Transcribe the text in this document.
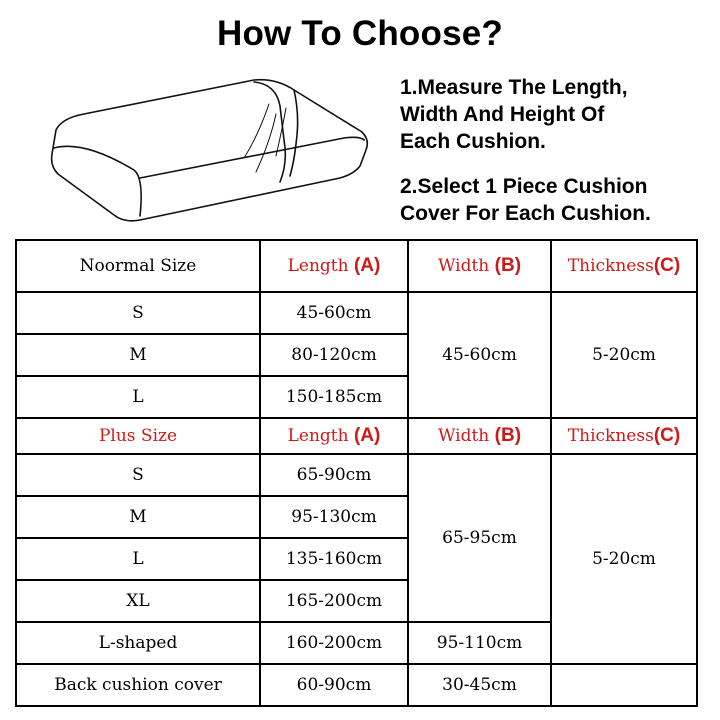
How To Choose?

1.Measure The Length,
Width And Height Of
Each Cushion.

2.Select 1 Piece Cushion
Cover For Each Cushion.

Noormal Size	Length (A)	Width (B)	Thickness(C)
S	45-60cm	45-60cm	5-20cm
M	80-120cm		
L	150-185cm		
Plus Size	Length (A)	Width (B)	Thickness(C)
S	65-90cm	65-95cm	5-20cm
M	95-130cm		
L	135-160cm		
XL	165-200cm		
L-shaped	160-200cm	95-110cm	
Back cushion cover	60-90cm	30-45cm	
